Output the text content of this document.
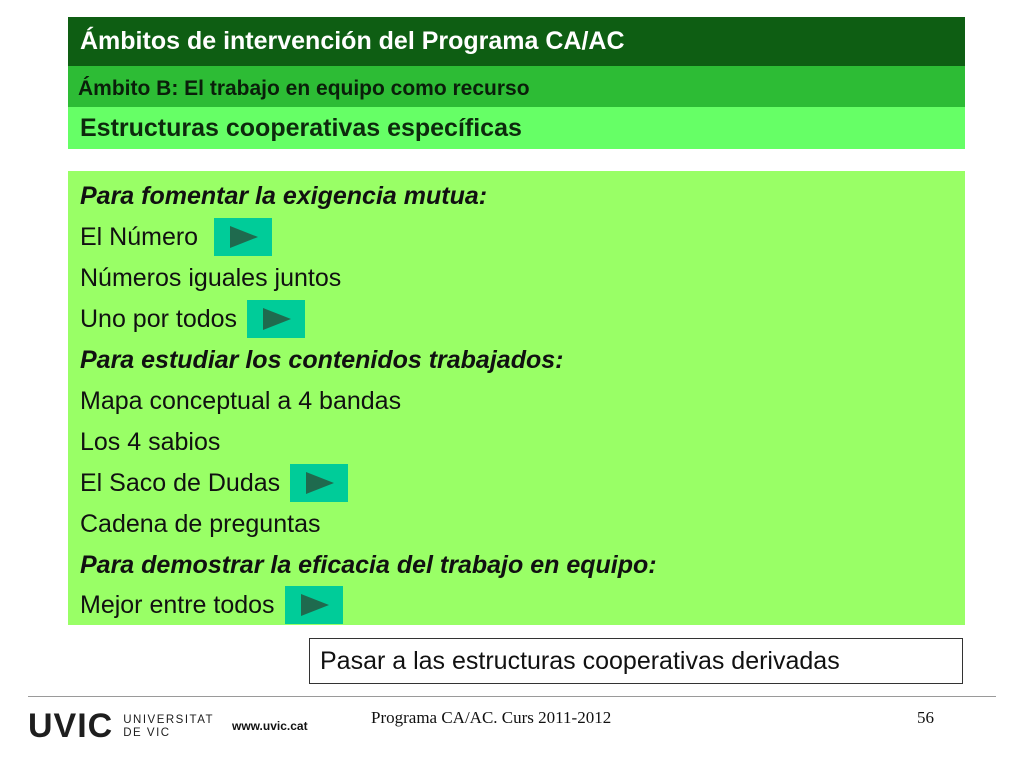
Ámbitos de intervención del Programa CA/AC
Ámbito B: El trabajo en equipo como recurso
Estructuras cooperativas específicas
Para fomentar la exigencia mutua:
El Número
Números iguales juntos
Uno por todos
Para estudiar los contenidos trabajados:
Mapa conceptual a 4 bandas
Los 4 sabios
El Saco de Dudas
Cadena de preguntas
Para demostrar la eficacia del trabajo en equipo:
Mejor entre todos
Pasar a las estructuras cooperativas derivadas
UVIC UNIVERSITAT
DE VIC	www.uvic.cat	Programa CA/AC. Curs 2011-2012	56
